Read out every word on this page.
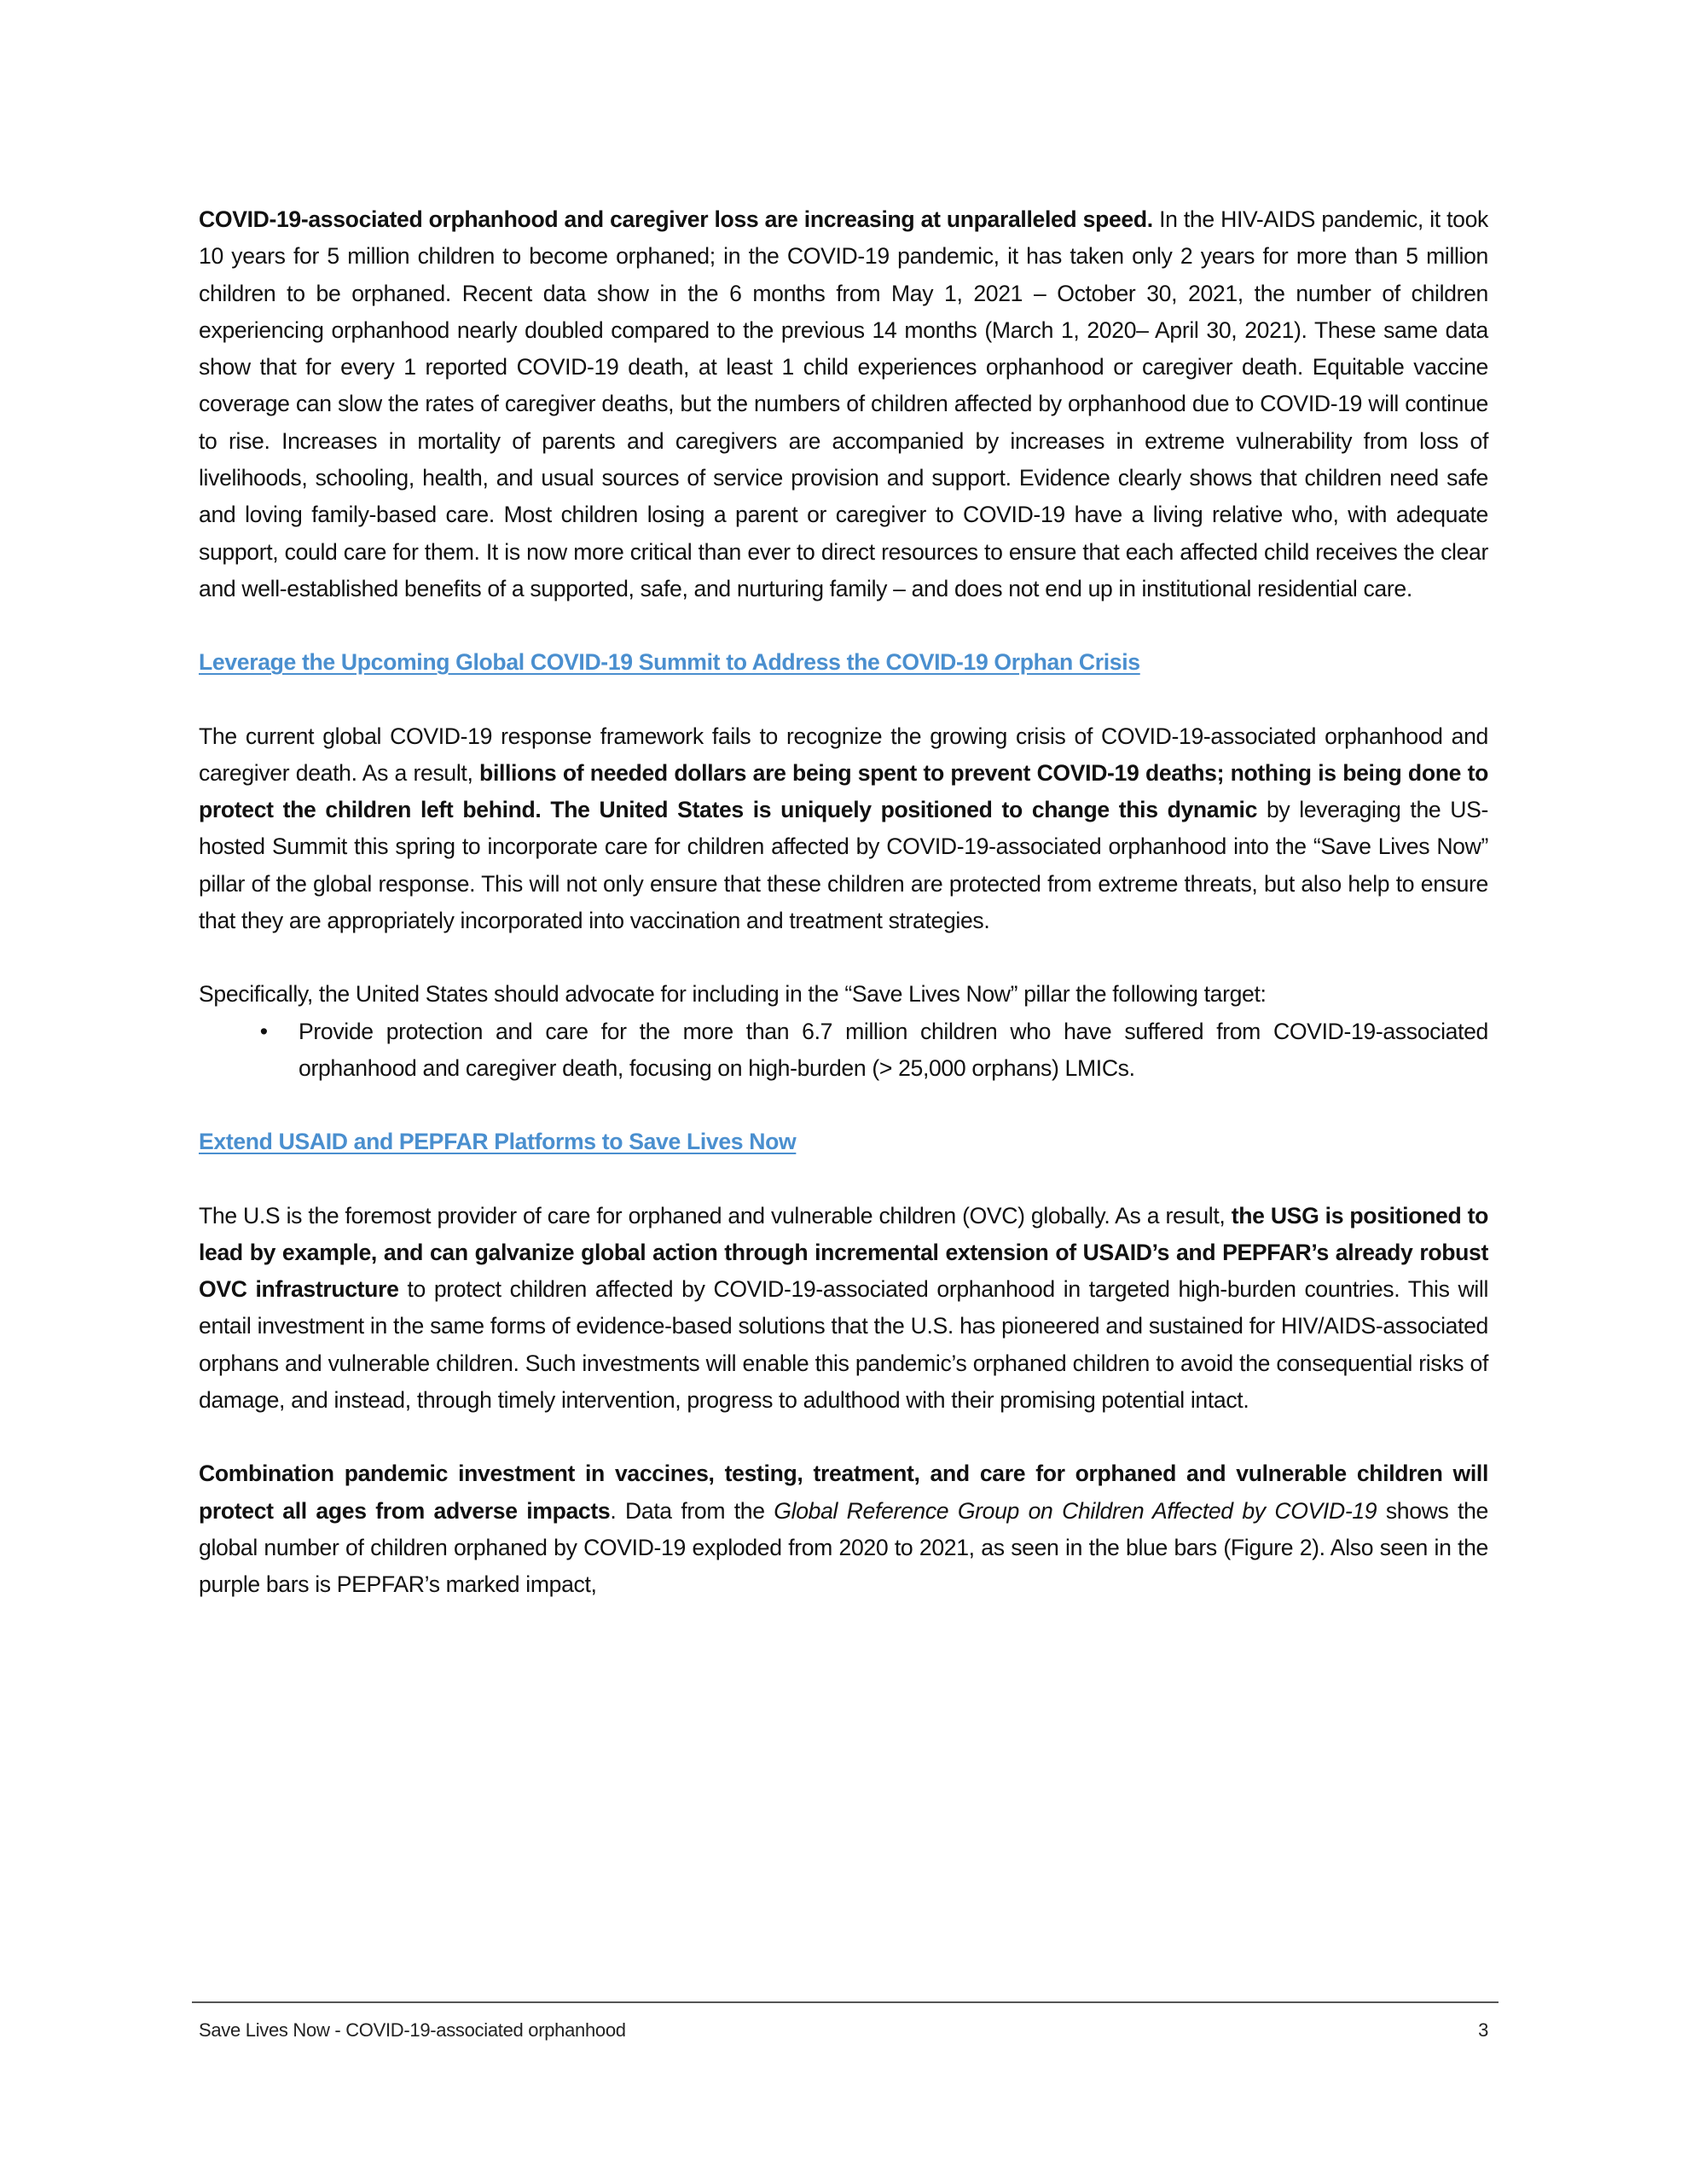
COVID-19-associated orphanhood and caregiver loss are increasing at unparalleled speed. In the HIV-AIDS pandemic, it took 10 years for 5 million children to become orphaned; in the COVID-19 pandemic, it has taken only 2 years for more than 5 million children to be orphaned. Recent data show in the 6 months from May 1, 2021 – October 30, 2021, the number of children experiencing orphanhood nearly doubled compared to the previous 14 months (March 1, 2020– April 30, 2021). These same data show that for every 1 reported COVID-19 death, at least 1 child experiences orphanhood or caregiver death. Equitable vaccine coverage can slow the rates of caregiver deaths, but the numbers of children affected by orphanhood due to COVID-19 will continue to rise. Increases in mortality of parents and caregivers are accompanied by increases in extreme vulnerability from loss of livelihoods, schooling, health, and usual sources of service provision and support. Evidence clearly shows that children need safe and loving family-based care. Most children losing a parent or caregiver to COVID-19 have a living relative who, with adequate support, could care for them. It is now more critical than ever to direct resources to ensure that each affected child receives the clear and well-established benefits of a supported, safe, and nurturing family – and does not end up in institutional residential care.

Leverage the Upcoming Global COVID-19 Summit to Address the COVID-19 Orphan Crisis

The current global COVID-19 response framework fails to recognize the growing crisis of COVID-19-associated orphanhood and caregiver death. As a result, billions of needed dollars are being spent to prevent COVID-19 deaths; nothing is being done to protect the children left behind. The United States is uniquely positioned to change this dynamic by leveraging the US-hosted Summit this spring to incorporate care for children affected by COVID-19-associated orphanhood into the “Save Lives Now” pillar of the global response. This will not only ensure that these children are protected from extreme threats, but also help to ensure that they are appropriately incorporated into vaccination and treatment strategies.

Specifically, the United States should advocate for including in the “Save Lives Now” pillar the following target:

•	Provide protection and care for the more than 6.7 million children who have suffered from COVID-19-associated orphanhood and caregiver death, focusing on high-burden (> 25,000 orphans) LMICs.
Extend USAID and PEPFAR Platforms to Save Lives Now

The U.S is the foremost provider of care for orphaned and vulnerable children (OVC) globally. As a result, the USG is positioned to lead by example, and can galvanize global action through incremental extension of USAID’s and PEPFAR’s already robust OVC infrastructure to protect children affected by COVID-19-associated orphanhood in targeted high-burden countries. This will entail investment in the same forms of evidence-based solutions that the U.S. has pioneered and sustained for HIV/AIDS-associated orphans and vulnerable children. Such investments will enable this pandemic’s orphaned children to avoid the consequential risks of damage, and instead, through timely intervention, progress to adulthood with their promising potential intact.

Combination pandemic investment in vaccines, testing, treatment, and care for orphaned and vulnerable children will protect all ages from adverse impacts. Data from the Global Reference Group on Children Affected by COVID-19 shows the global number of children orphaned by COVID-19 exploded from 2020 to 2021, as seen in the blue bars (Figure 2). Also seen in the purple bars is PEPFAR’s marked impact,

Save Lives Now - COVID-19-associated orphanhood	3
